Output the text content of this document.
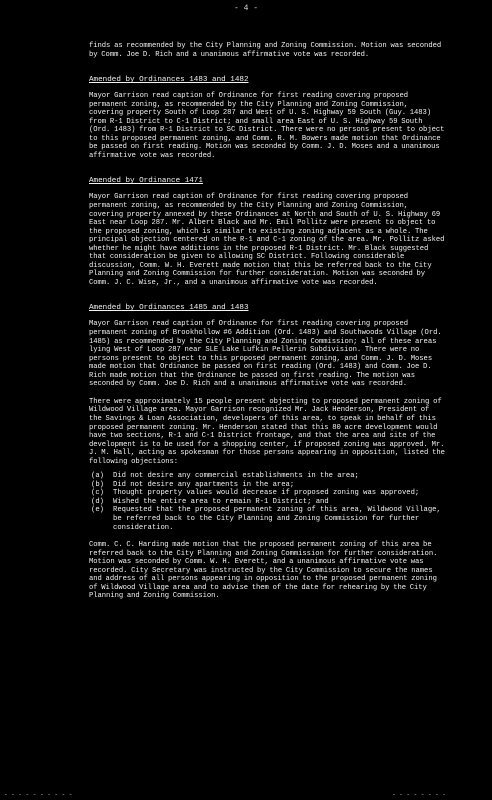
- 4 -

finds as recommended by the City Planning and Zoning Commission. Motion was seconded by Comm. Joe D. Rich and a unanimous affirmative vote was recorded.

Amended by Ordinances 1483 and 1482

Mayor Garrison read caption of Ordinance for first reading covering proposed permanent zoning, as recommended by the City Planning and Zoning Commission, covering property South of Loop 287 and West of U. S. Highway 59 South (Guy. 1483) from R-1 District to C-1 District; and small area East of U. S. Highway 59 South (Ord. 1483) from R-1 District to SC District. There were no persons present to object to this proposed permanent zoning, and Comm. R. M. Bowers made motion that Ordinance be passed on first reading. Motion was seconded by Comm. J. D. Moses and a unanimous affirmative vote was recorded.

Amended by Ordinance 1471

Mayor Garrison read caption of Ordinance for first reading covering proposed permanent zoning, as recommended by the City Planning and Zoning Commission, covering property annexed by these Ordinances at North and South of U. S. Highway 69 East near Loop 287. Mr. Albert Black and Mr. Emil Pollitz were present to object to the proposed zoning, which is similar to existing zoning adjacent as a whole. The principal objection centered on the R-1 and C-1 zoning of the area. Mr. Pollitz asked whether he might have additions in the proposed R-1 District. Mr. Black suggested that consideration be given to allowing SC District. Following considerable discussion, Comm. W. H. Everett made motion that this be referred back to the City Planning and Zoning Commission for further consideration. Motion was seconded by Comm. J. C. Wise, Jr., and a unanimous affirmative vote was recorded.

Amended by Ordinances 1485 and 1483

Mayor Garrison read caption of Ordinance for first reading covering proposed permanent zoning of Brookhollow #6 Addition (Ord. 1483) and Southwoods Village (Ord. 1485) as recommended by the City Planning and Zoning Commission; all of these areas lying West of Loop 287 near SLE Lake Lufkin Pellerin Subdivision. There were no persons present to object to this proposed permanent zoning, and Comm. J. D. Moses made motion that Ordinance be passed on first reading (Ord. 1483) and Comm. Joe D. Rich made motion that the Ordinance be passed on first reading. The motion was seconded by Comm. Joe D. Rich and a unanimous affirmative vote was recorded.

There were approximately 15 people present objecting to proposed permanent zoning of Wildwood Village area. Mayor Garrison recognized Mr. Jack Henderson, President of the Savings & Loan Association, developers of this area, to speak in behalf of this proposed permanent zoning. Mr. Henderson stated that this 80 acre development would have two sections, R-1 and C-1 District frontage, and that the area and site of the development is to be used for a shopping center, if proposed zoning was approved. Mr. J. M. Hall, acting as spokesman for those persons appearing in opposition, listed the following objections:

(a)	Did not desire any commercial establishments in the area;
(b)	Did not desire any apartments in the area;
(c)	Thought property values would decrease if proposed zoning was approved;
(d)	Wished the entire area to remain R-1 District; and
(e)	Requested that the proposed permanent zoning of this area, Wildwood Village, be referred back to the City Planning and Zoning Commission for further consideration.

Comm. C. C. Harding made motion that the proposed permanent zoning of this area be referred back to the City Planning and Zoning Commission for further consideration. Motion was seconded by Comm. W. H. Everett, and a unanimous affirmative vote was recorded. City Secretary was instructed by the City Commission to secure the names and address of all persons appearing in opposition to the proposed permanent zoning of Wildwood Village area and to advise them of the date for rehearing by the City Planning and Zoning Commission.

- - - - - - - - - -	- - - - - - - -
